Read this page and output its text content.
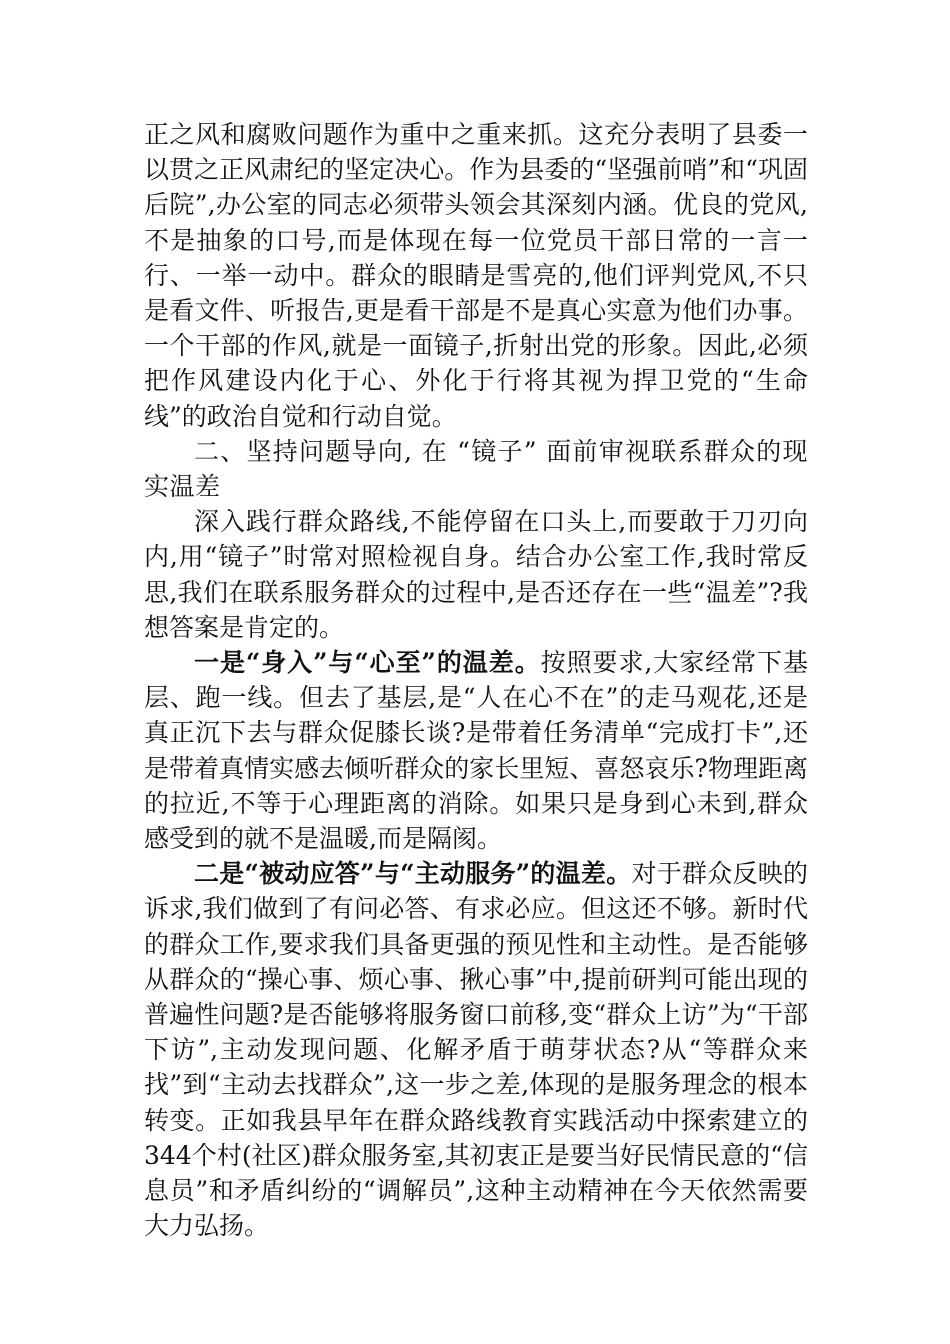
正之风和腐败问题作为重中之重来抓。这充分表明了县委一以贯之正风肃纪的坚定决心。作为县委的“坚强前哨”和“巩固后院”,办公室的同志必须带头领会其深刻内涵。优良的党风,不是抽象的口号,而是体现在每一位党员干部日常的一言一行、一举一动中。群众的眼睛是雪亮的,他们评判党风,不只是看文件、听报告,更是看干部是不是真心实意为他们办事。一个干部的作风,就是一面镜子,折射出党的形象。因此,必须把作风建设内化于心、外化于行将其视为捍卫党的“生命线”的政治自觉和行动自觉。

二、坚持问题导向, 在 “镜子” 面前审视联系群众的现实温差

深入践行群众路线,不能停留在口头上,而要敢于刀刃向内,用“镜子”时常对照检视自身。结合办公室工作,我时常反思,我们在联系服务群众的过程中,是否还存在一些“温差”?我想答案是肯定的。

一是“身入”与“心至”的温差。按照要求,大家经常下基层、跑一线。但去了基层,是“人在心不在”的走马观花,还是真正沉下去与群众促膝长谈?是带着任务清单“完成打卡”,还是带着真情实感去倾听群众的家长里短、喜怒哀乐?物理距离的拉近,不等于心理距离的消除。如果只是身到心未到,群众感受到的就不是温暖,而是隔阂。

二是“被动应答”与“主动服务”的温差。对于群众反映的诉求,我们做到了有问必答、有求必应。但这还不够。新时代的群众工作,要求我们具备更强的预见性和主动性。是否能够从群众的“操心事、烦心事、揪心事”中,提前研判可能出现的普遍性问题?是否能够将服务窗口前移,变“群众上访”为“干部下访”,主动发现问题、化解矛盾于萌芽状态?从“等群众来找”到“主动去找群众”,这一步之差,体现的是服务理念的根本转变。正如我县早年在群众路线教育实践活动中探索建立的344个村(社区)群众服务室,其初衷正是要当好民情民意的“信息员”和矛盾纠纷的“调解员”,这种主动精神在今天依然需要大力弘扬。
